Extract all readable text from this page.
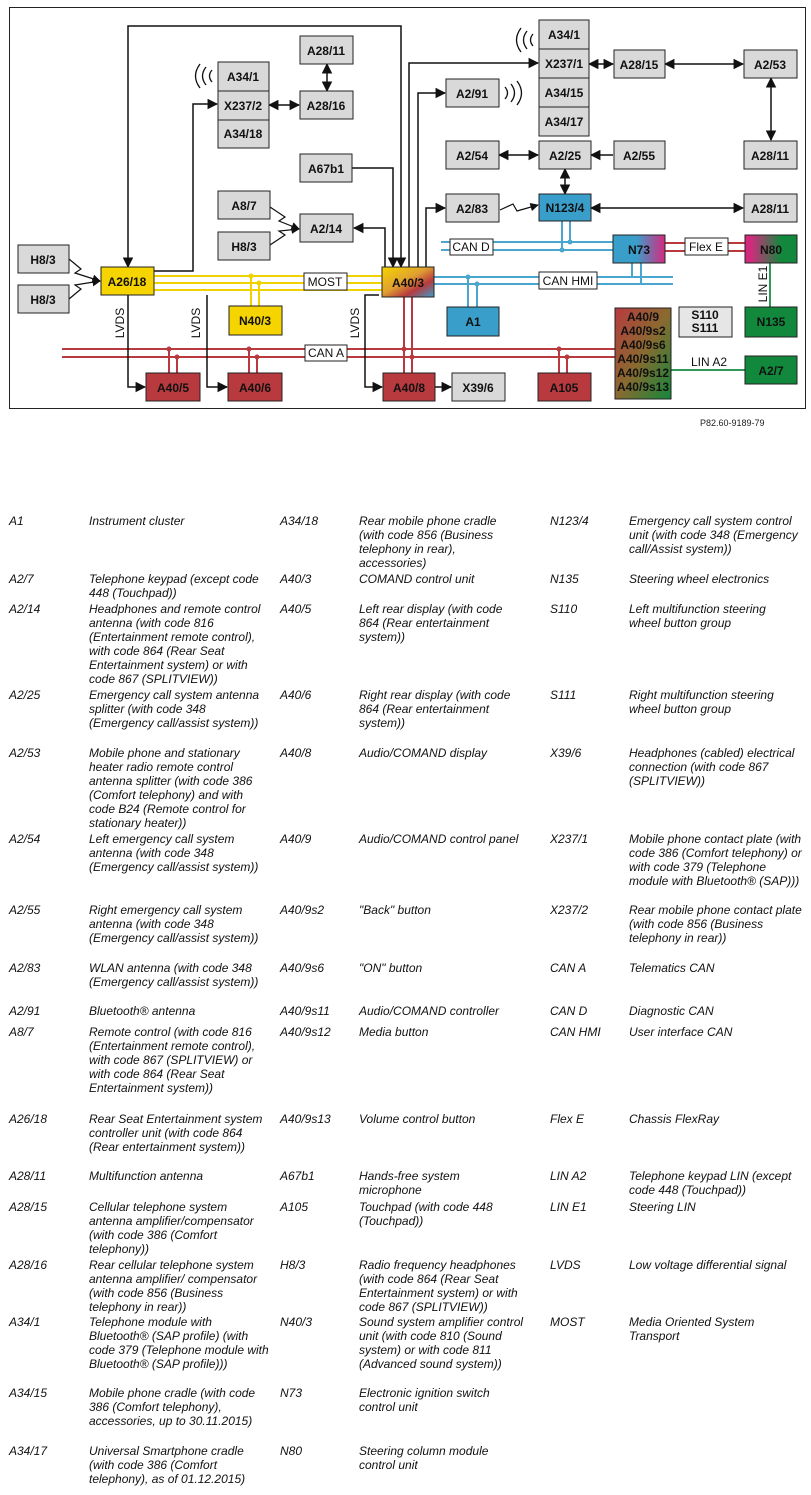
A34/1
X237/1
A34/15
A34/17
A28/15	A2/53
A28/11
A28/11
A34/1
X237/2
A34/18
A28/16
A2/91
A2/54	A2/25	A2/55
A67b1
A8/7
A2/14
H8/3
A2/83	N123/4	A28/11
H8/3
H8/3
A26/18	A40/3
N73	N80
N40/3	A1	A40/9
A40/9s2
A40/9s6
A40/9s11
A40/9s12
A40/9s13
S110
S111	N135
A2/7
A40/5	A40/6	A40/8	X39/6	A105
CAN D	Flex E
MOST	CAN HMI
CAN A
LIN A2
LIN E1
LVDS	LVDS	LVDS
P82.60-9189-79
A1	Instrument cluster
A2/7	Telephone keypad (except code 448 (Touchpad))
A2/14	Headphones and remote control antenna (with code 816 (Entertainment remote control), with code 864 (Rear Seat Entertainment system) or with code 867 (SPLITVIEW))
A2/25	Emergency call system antenna splitter (with code 348 (Emergency call/assist system))
A2/53	Mobile phone and stationary heater radio remote control antenna splitter (with code 386 (Comfort telephony) and with code B24 (Remote control for stationary heater))
A2/54	Left emergency call system antenna (with code 348 (Emergency call/assist system))
A2/55	Right emergency call system antenna (with code 348 (Emergency call/assist system))
A2/83	WLAN antenna (with code 348 (Emergency call/assist system))
A2/91	Bluetooth® antenna
A8/7	Remote control (with code 816 (Entertainment remote control), with code 867 (SPLITVIEW) or with code 864 (Rear Seat Entertainment system))
A26/18	Rear Seat Entertainment system controller unit (with code 864 (Rear entertainment system))
A28/11	Multifunction antenna
A28/15	Cellular telephone system antenna amplifier/compensator (with code 386 (Comfort telephony))
A28/16	Rear cellular telephone system antenna amplifier/ compensator (with code 856 (Business telephony in rear))
A34/1	Telephone module with Bluetooth® (SAP profile) (with code 379 (Telephone module with Bluetooth® (SAP profile)))
A34/15	Mobile phone cradle (with code 386 (Comfort telephony), accessories, up to 30.11.2015)
A34/17	Universal Smartphone cradle (with code 386 (Comfort telephony), as of 01.12.2015)
A34/18	Rear mobile phone cradle (with code 856 (Business telephony in rear), accessories)
A40/3	COMAND control unit
A40/5	Left rear display (with code 864 (Rear entertainment system))
A40/6	Right rear display (with code 864 (Rear entertainment system))
A40/8	Audio/COMAND display
A40/9	Audio/COMAND control panel
A40/9s2	"Back" button
A40/9s6	"ON" button
A40/9s11	Audio/COMAND controller
A40/9s12	Media button
A40/9s13	Volume control button
A67b1	Hands-free system microphone
A105	Touchpad (with code 448 (Touchpad))
H8/3	Radio frequency headphones (with code 864 (Rear Seat Entertainment system) or with code 867 (SPLITVIEW))
N40/3	Sound system amplifier control unit (with code 810 (Sound system) or with code 811 (Advanced sound system))
N73	Electronic ignition switch control unit
N80	Steering column module control unit
N123/4	Emergency call system control unit (with code 348 (Emergency call/Assist system))
N135	Steering wheel electronics
S110	Left multifunction steering wheel button group
S111	Right multifunction steering wheel button group
X39/6	Headphones (cabled) electrical connection (with code 867 (SPLITVIEW))
X237/1	Mobile phone contact plate (with code 386 (Comfort telephony) or with code 379 (Telephone module with Bluetooth® (SAP)))
X237/2	Rear mobile phone contact plate (with code 856 (Business telephony in rear))
CAN A	Telematics CAN
CAN D	Diagnostic CAN
CAN HMI	User interface CAN
Flex E	Chassis FlexRay
LIN A2	Telephone keypad LIN (except code 448 (Touchpad))
LIN E1	Steering LIN
LVDS	Low voltage differential signal
MOST	Media Oriented System Transport
